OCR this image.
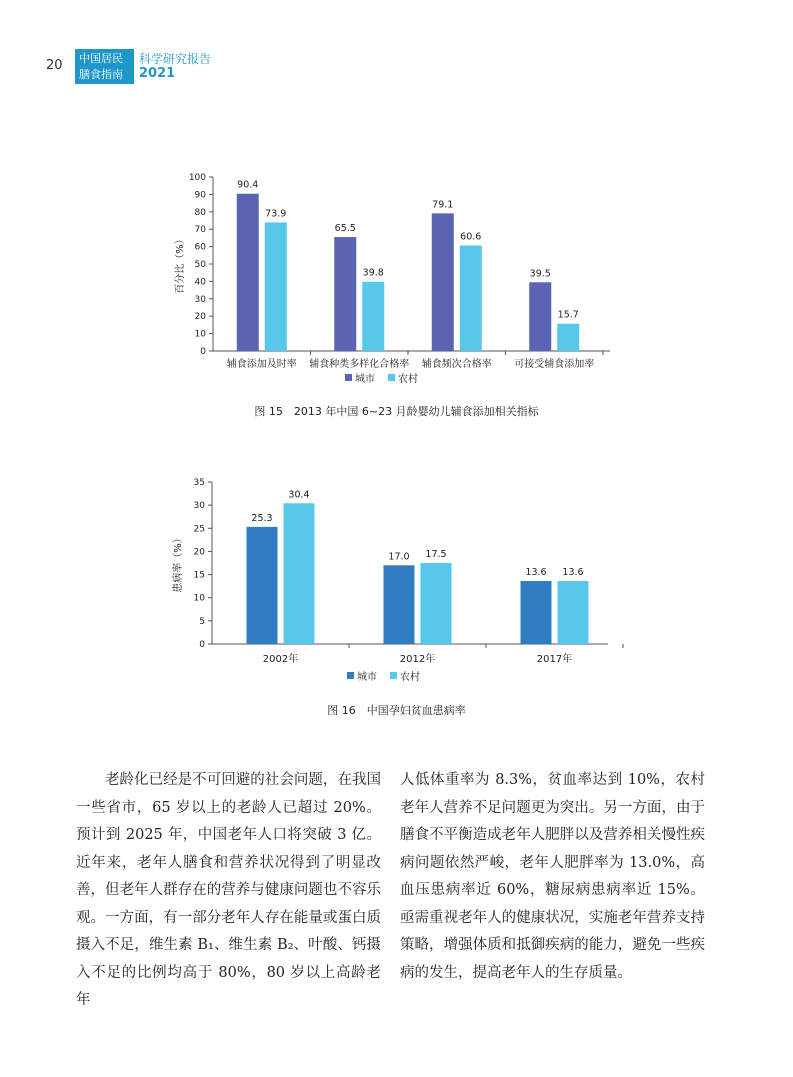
20 中国居民
膳食指南
科学研究报告
2021
0
10
20
30
40
50
60
70
80
90
100
百分比（%）
90.4
73.9
辅食添加及时率
65.5
39.8
辅食种类多样化合格率
79.1
60.6
辅食频次合格率
39.5
15.7
可接受辅食添加率
城市 农村
图 15　2013 年中国 6~23 月龄婴幼儿辅食添加相关指标
0
5
10
15
20
25
30
35
患病率（%）
25.3
30.4
2002年
17.0 17.5
2012年
13.6 13.6
2017年
城市 农村
图 16　中国孕妇贫血患病率

老龄化已经是不可回避的社会问题，在我国一些省市，65 岁以上的老龄人已超过 20%。预计到 2025 年，中国老年人口将突破 3 亿。近年来，老年人膳食和营养状况得到了明显改善，但老年人群存在的营养与健康问题也不容乐观。一方面，有一部分老年人存在能量或蛋白质摄入不足，维生素 B₁、维生素 B₂、叶酸、钙摄入不足的比例均高于 80%，80 岁以上高龄老年

人低体重率为 8.3%，贫血率达到 10%，农村老年人营养不足问题更为突出。另一方面，由于膳食不平衡造成老年人肥胖以及营养相关慢性疾病问题依然严峻，老年人肥胖率为 13.0%，高血压患病率近 60%，糖尿病患病率近 15%。亟需重视老年人的健康状况，实施老年营养支持策略，增强体质和抵御疾病的能力，避免一些疾病的发生，提高老年人的生存质量。
